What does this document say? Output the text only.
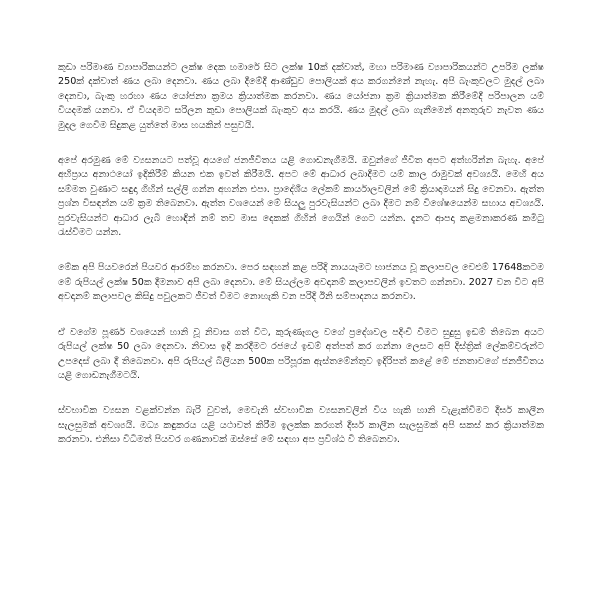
කුඩා පරිමාණ ව්‍යාපාරිකයන්ට ලක්ෂ දෙක හමාරේ සිට ලක්ෂ 10ක් දක්වාත්, මහා පරිමාණ ව්‍යාපාරිකයන්ට උපරිම ලක්ෂ 250ක් දක්වාත් ණය ලබා දෙනවා. ණය ලබා දීමේදී ආණ්ඩුව පොලියක් අය කරගන්නේ නැහැ. අපි බැංකුවලට මුදල් ලබා දෙනවා, බැංකු හරහා ණය යෝජනා ක්‍රමය ක්‍රියාත්මක කරනවා. ණය යෝජනා ක්‍රම ක්‍රියාත්මක කිරීමේදී පරිපාලන යම් වියදමක් යනවා. ඒ වියදමට සරිලන කුඩා පොලියක් බැංකුව අය කරයි. ණය මුදල් ලබා ගැනීමෙන් අනතුරුව නැවත ණය මුදල ගෙවීම සිදුකළ යුත්තේ මාස හයකින් පසුවයි.

අපේ අරමුණ මේ ව්‍යසනයට පත්වූ අයගේ ජනජීවිතය යළි ගොඩනැගීමයි. ඔවුන්ගේ ජීවිත අපට අත්හරින්න බැහැ. අපේ අභිප්‍රාය අනාථයෝ ඉදිකිරීම් කියන එක ඉවත් කිරීමයි. අපට මේ ආධාර ලබාදීමට යම් කාල රාමුවක් අවශ්‍යයි. මෙහි අය සම්මත වුණාට සඳුදා ගිහින් සල්ලි ගන්න අහන්න එපා. ප්‍රාදේශීය ලේකම් කාර්යාලවලින් මේ ක්‍රියාදාමයන් සිදු වෙනවා. ඇත්ත ප්‍රශ්න විසඳන්න යම් ක්‍රම තිබෙනවා. ඇත්ත වශයෙන් මේ සියලු පුරවැසියන්ට ලබා දීමට නම් විශේෂයෙන්ම සහාය අවශ්‍යයි. පුරවැසියන්ට ආධාර ලැබී හොඳින් නම් තව මාස දෙකක් ගිහින් ගෙයින් ගෙට යන්න. දැනට ආපදා කළමනාකරණ කමිටු රැස්වීමට යන්න.

මේක අපි පියවරෙන් පියවර ආරම්භ කරනවා. පෙර සඳහන් කළ පරිදි නායයෑමට භාජනය වූ කලාපවල වෙළුම් 17648කටම මේ රුපියල් ලක්ෂ 50ක දීමනාව අපි ලබා දෙනවා. මේ සියල්ලම අවදානම් කලාපවලින් ඉවතට ගන්නවා. 2027 වන විට අපි අවදානම් කලාපවල කිසිදු පවුලකට ජීවත් වීමට නොහැකි වන පරිදි ඊනි සම්පාදනය කරනවා.

ඒ වගේම පූර්ණ වශයෙන් හානි වූ නිවාස ගත් විට, කුරුණෑගල වගේ ප්‍රදේශවල පදිංචි වීමට සුදුසු ඉඩම් තිබෙන අයට රුපියල් ලක්ෂ 50 ලබා දෙනවා. නිවාස ඉදි කරදීමට රජයේ ඉඩම් අත්පත් කර ගන්නා ලෙසට අපි දිස්ත්‍රික් ලේකම්වරුන්ට උපදෙස් ලබා දී තිබෙනවා. අපි රුපියල් බිලියන 500ක පරිපූරක ඇස්තමේන්තුව ඉදිරිපත් කළේ මේ ජනතාවගේ ජනජීවිතය යළි ගොඩනැගීමටයි.

ස්වභාවික ව්‍යසන වළක්වන්න බැරි වුවත්, මෙවැනි ස්වභාවික ව්‍යසනවලින් විය හැකි හානි වැළැක්වීමට දීර්ඝ කාලීන සැලසුමක් අවශ්‍යයි. මධ්‍ය කඳුකරය යළි යථාවත් කිරීම ඉලක්ක කරගත් දීර්ඝ කාලීන සැලසුමක් අපි සකස් කර ක්‍රියාත්මක කරනවා. එනිසා විධිමත් පියවර ගණනාවක් ඔස්සේ මේ සඳහා අප ප්‍රවිශ්ඨ වී තිබෙනවා.
